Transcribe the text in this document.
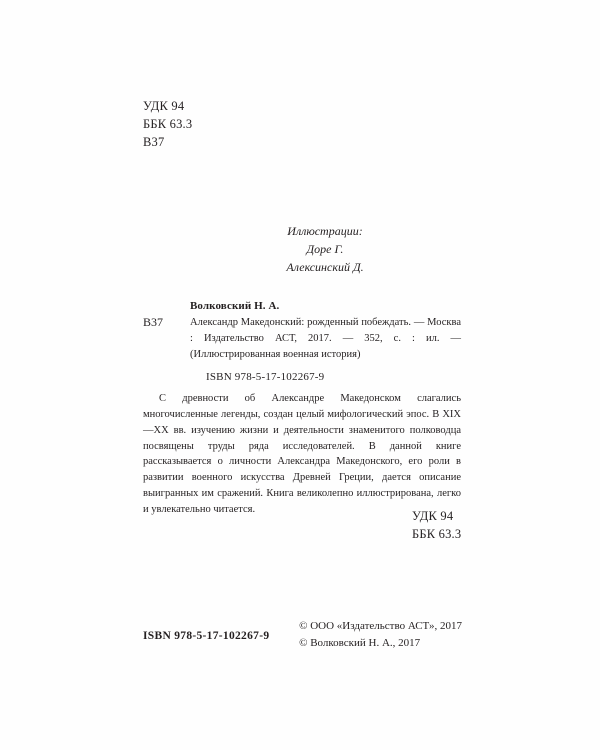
УДК 94
ББК 63.3
В37
Иллюстрации:
Доре Г.
Алексинский Д.
Волковский Н. А.
В37	Александр Македонский: рожденный побеждать. — Москва : Издательство АСТ, 2017. — 352, с. : ил. — (Иллюстрированная военная история)
ISBN 978-5-17-102267-9
С древности об Александре Македонском слагались многочисленные легенды, создан целый мифологический эпос. В XIX—XX вв. изучению жизни и деятельности знаменитого полководца посвящены труды ряда исследователей. В данной книге рассказывается о личности Александра Македонского, его роли в развитии военного искусства Древней Греции, дается описание выигранных им сражений. Книга великолепно иллюстрирована, легко и увлекательно читается.	УДК 94
ББК 63.3
© ООО «Издательство АСТ», 2017
© Волковский Н. А., 2017
ISBN 978-5-17-102267-9
